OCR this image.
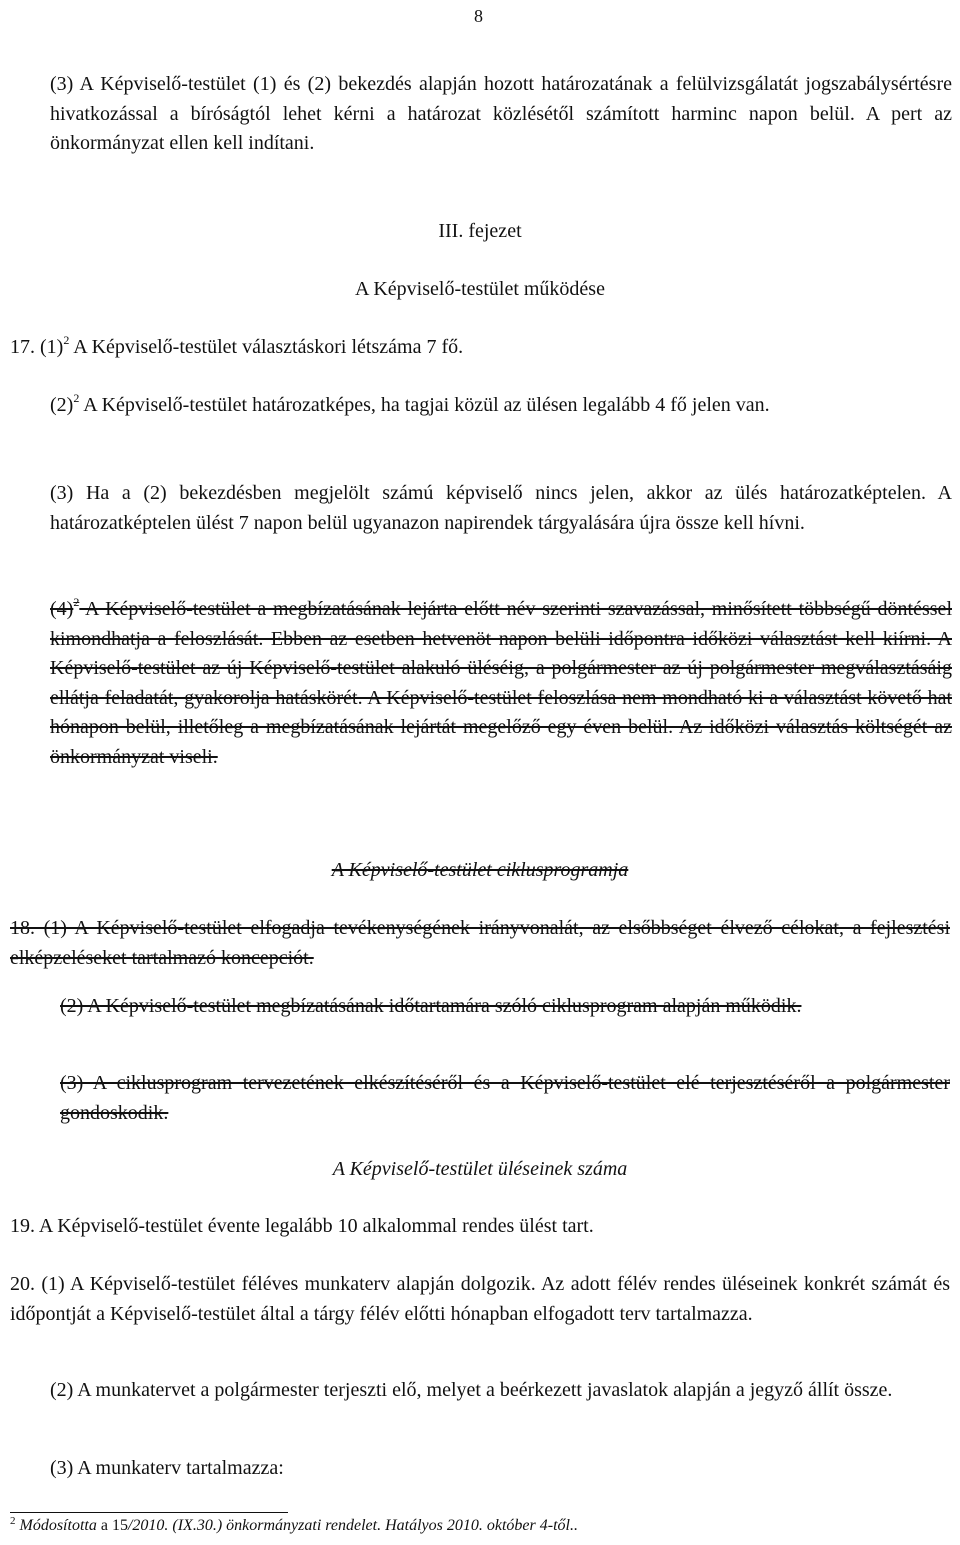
8

(3) A Képviselő-testület (1) és (2) bekezdés alapján hozott határozatának a felülvizsgálatát jogszabálysértésre hivatkozással a bíróságtól lehet kérni a határozat közlésétől számított harminc napon belül. A pert az önkormányzat ellen kell indítani.

III. fejezet

A Képviselő-testület működése

17. $(1)^2$ A Képviselő-testület választáskori létszáma 7 fő.

$(2)^2$ A Képviselő-testület határozatképes, ha tagjai közül az ülésen legalább 4 fő jelen van.

(3) Ha a (2) bekezdésben megjelölt számú képviselő nincs jelen, akkor az ülés határozatképtelen. A határozatképtelen ülést 7 napon belül ugyanazon napirendek tárgyalására újra össze kell hívni.

$(4)^2$ A Képviselő-testület a megbízatásának lejárta előtt név szerinti szavazással, minősített többségű döntéssel kimondhatja a feloszlását. Ebben az esetben hetvenöt napon belüli időpontra időközi választást kell kiírni. A Képviselő-testület az új Képviselő-testület alakuló üléséig, a polgármester az új polgármester megválasztásáig ellátja feladatát, gyakorolja hatáskörét. A Képviselő-testület feloszlása nem mondható ki a választást követő hat hónapon belül, illetőleg a megbízatásának lejártát megelőző egy éven belül. Az időközi választás költségét az önkormányzat viseli.

A Képviselő-testület ciklusprogramja

18. (1) A Képviselő-testület elfogadja tevékenységének irányvonalát, az elsőbbséget élvező célokat, a fejlesztési elképzeléseket tartalmazó koncepciót.

(2) A Képviselő-testület megbízatásának időtartamára szóló ciklusprogram alapján működik.

(3) A ciklusprogram tervezetének elkészítéséről és a Képviselő-testület elé terjesztéséről a polgármester gondoskodik.

A Képviselő-testület üléseinek száma

19. A Képviselő-testület évente legalább 10 alkalommal rendes ülést tart.

20. (1) A Képviselő-testület féléves munkaterv alapján dolgozik. Az adott félév rendes üléseinek konkrét számát és időpontját a Képviselő-testület által a tárgy félév előtti hónapban elfogadott terv tartalmazza.

(2) A munkatervet a polgármester terjeszti elő, melyet a beérkezett javaslatok alapján a jegyző állít össze.

(3) A munkaterv tartalmazza:

$^2$ Módosította a 15/2010. (IX.30.) önkormányzati rendelet. Hatályos 2010. október 4-től..
